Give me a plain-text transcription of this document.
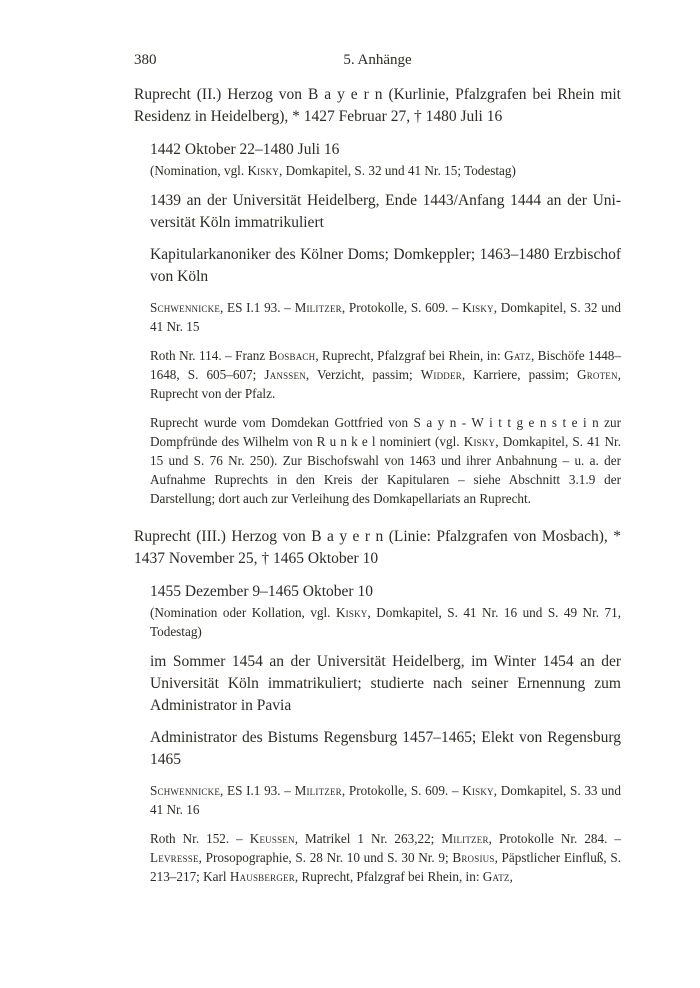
380	5. Anhänge

Ruprecht (II.) Herzog von B a y e r n (Kurlinie, Pfalzgrafen bei Rhein mit Residenz in Heidelberg), * 1427 Februar 27, † 1480 Juli 16

1442 Oktober 22–1480 Juli 16

(Nomination, vgl. Kisky, Domkapitel, S. 32 und 41 Nr. 15; Todestag)

1439 an der Universität Heidelberg, Ende 1443/Anfang 1444 an der Universität Köln immatrikuliert

Kapitularkanoniker des Kölner Doms; Domkeppler; 1463–1480 Erzbischof von Köln

Schwennicke, ES I.1 93. – Militzer, Protokolle, S. 609. – Kisky, Domkapitel, S. 32 und 41 Nr. 15

Roth Nr. 114. – Franz Bosbach, Ruprecht, Pfalzgraf bei Rhein, in: Gatz, Bischöfe 1448–1648, S. 605–607; Janssen, Verzicht, passim; Widder, Karriere, passim; Groten, Ruprecht von der Pfalz.

Ruprecht wurde vom Domdekan Gottfried von S a y n - W i t t g e n s t e i n zur Dompfründe des Wilhelm von R u n k e l nominiert (vgl. Kisky, Domkapitel, S. 41 Nr. 15 und S. 76 Nr. 250). Zur Bischofswahl von 1463 und ihrer Anbahnung – u. a. der Aufnahme Ruprechts in den Kreis der Kapitularen – siehe Abschnitt 3.1.9 der Darstellung; dort auch zur Verleihung des Domkapellariats an Ruprecht.

Ruprecht (III.) Herzog von B a y e r n (Linie: Pfalzgrafen von Mosbach), * 1437 November 25, † 1465 Oktober 10

1455 Dezember 9–1465 Oktober 10

(Nomination oder Kollation, vgl. Kisky, Domkapitel, S. 41 Nr. 16 und S. 49 Nr. 71, Todestag)

im Sommer 1454 an der Universität Heidelberg, im Winter 1454 an der Universität Köln immatrikuliert; studierte nach seiner Ernennung zum Administrator in Pavia

Administrator des Bistums Regensburg 1457–1465; Elekt von Regensburg 1465

Schwennicke, ES I.1 93. – Militzer, Protokolle, S. 609. – Kisky, Domkapitel, S. 33 und 41 Nr. 16

Roth Nr. 152. – Keussen, Matrikel 1 Nr. 263,22; Militzer, Protokolle Nr. 284. – Levresse, Prosopographie, S. 28 Nr. 10 und S. 30 Nr. 9; Brosius, Päpstlicher Einfluß, S. 213–217; Karl Hausberger, Ruprecht, Pfalzgraf bei Rhein, in: Gatz,
